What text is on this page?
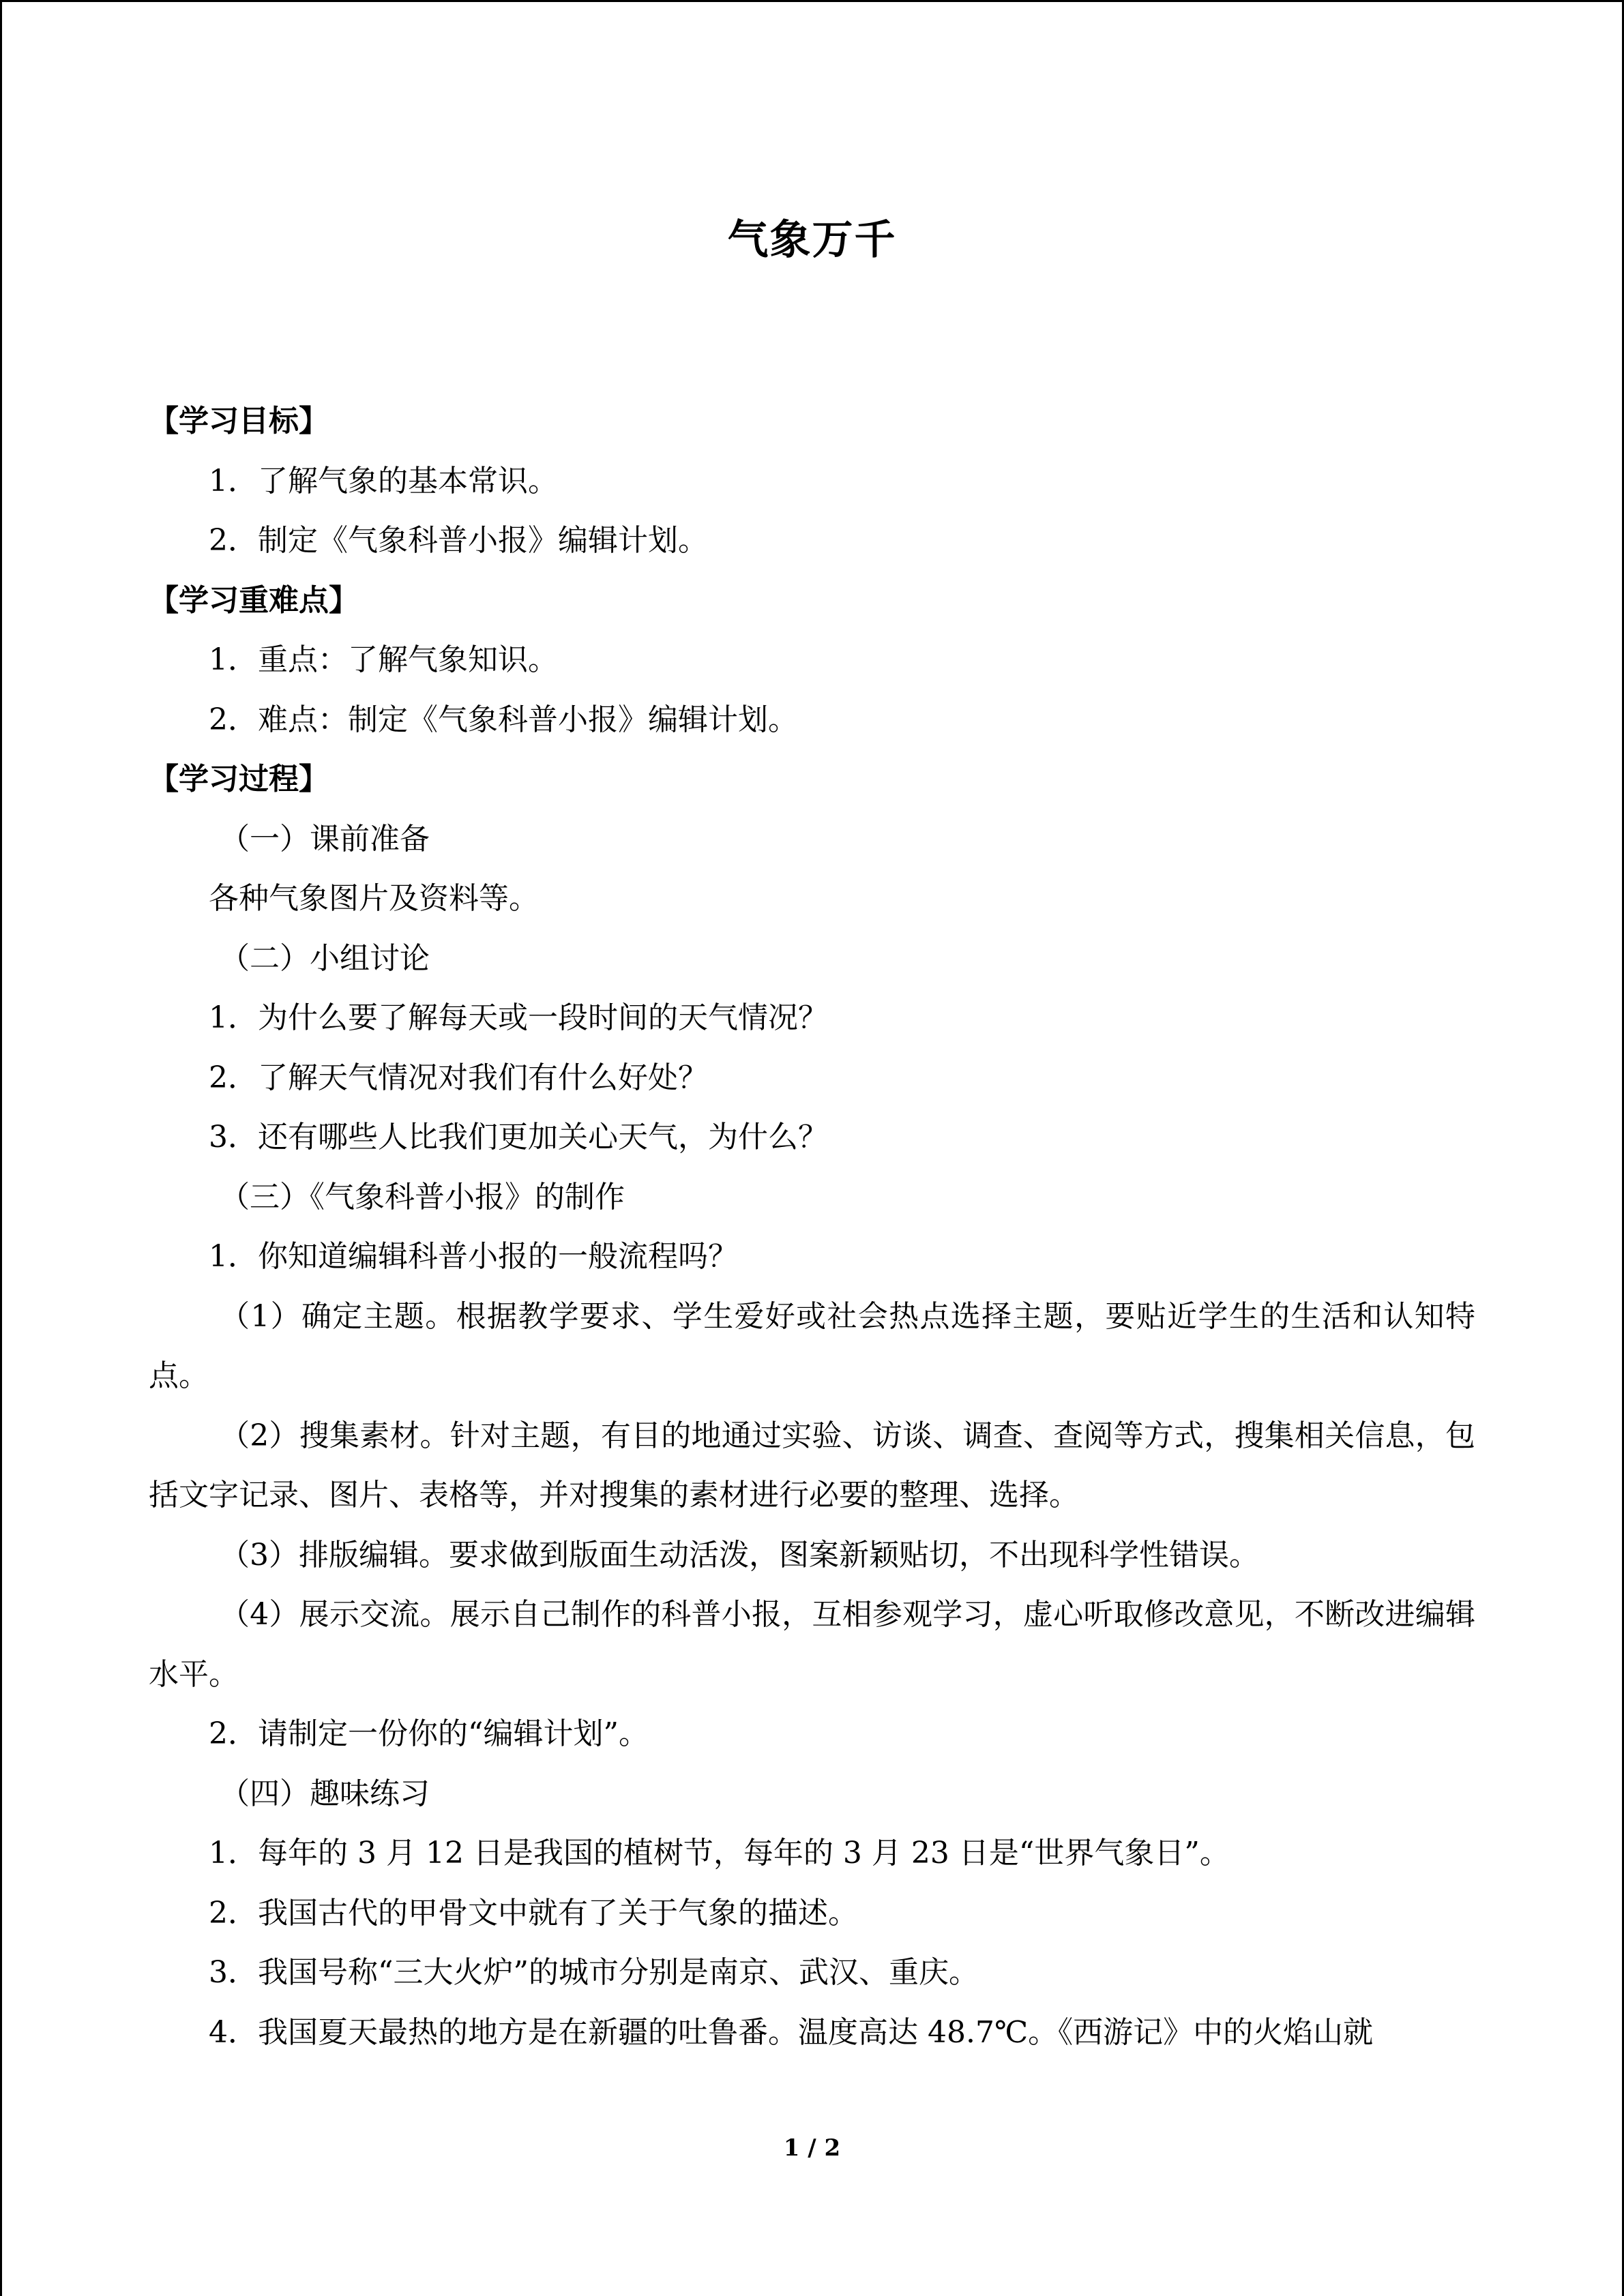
气象万千
【学习目标】
1．了解气象的基本常识。
2．制定《气象科普小报》编辑计划。
【学习重难点】
1．重点：了解气象知识。
2．难点：制定《气象科普小报》编辑计划。
【学习过程】
（一）课前准备
各种气象图片及资料等。
（二）小组讨论
1．为什么要了解每天或一段时间的天气情况？
2．了解天气情况对我们有什么好处？
3．还有哪些人比我们更加关心天气，为什么？
（三）《气象科普小报》的制作
1．你知道编辑科普小报的一般流程吗？
（1）确定主题。根据教学要求、学生爱好或社会热点选择主题，要贴近学生的生活和认知特点。
（2）搜集素材。针对主题，有目的地通过实验、访谈、调查、查阅等方式，搜集相关信息，包括文字记录、图片、表格等，并对搜集的素材进行必要的整理、选择。
（3）排版编辑。要求做到版面生动活泼，图案新颖贴切，不出现科学性错误。
（4）展示交流。展示自己制作的科普小报，互相参观学习，虚心听取修改意见，不断改进编辑水平。
2．请制定一份你的“编辑计划”。
（四）趣味练习
1．每年的 3 月 12 日是我国的植树节，每年的 3 月 23 日是“世界气象日”。
2．我国古代的甲骨文中就有了关于气象的描述。
3．我国号称“三大火炉”的城市分别是南京、武汉、重庆。
4．我国夏天最热的地方是在新疆的吐鲁番。温度高达 48.7℃。《西游记》中的火焰山就
1 / 2
